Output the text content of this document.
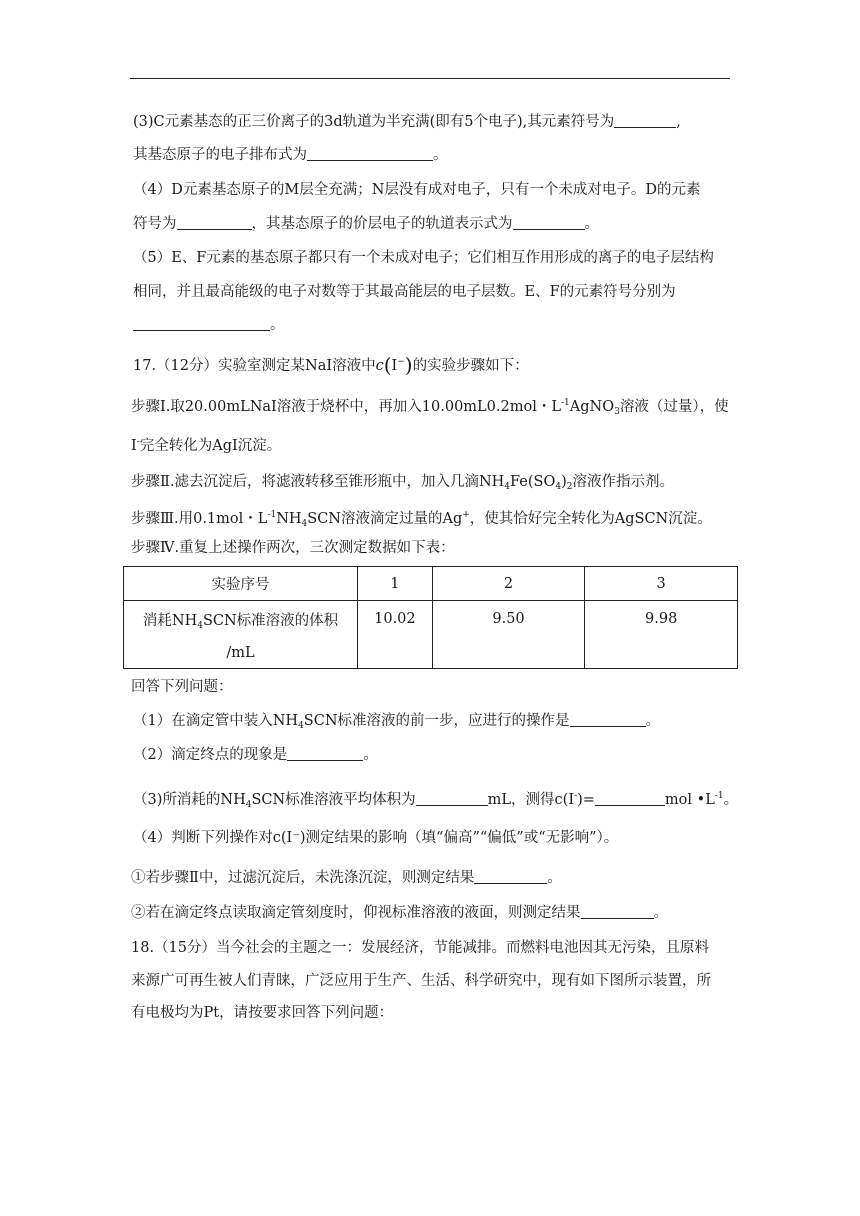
(3)C元素基态的正三价离子的3d轨道为半充满(即有5个电子),其元素符号为	,
其基态原子的电子排布式为	。
（4）D元素基态原子的M层全充满；N层没有成对电子，只有一个未成对电子。D的元素
符号为	，其基态原子的价层电子的轨道表示式为	。
（5）E、F元素的基态原子都只有一个未成对电子；它们相互作用形成的离子的电子层结构
相同，并且最高能级的电子对数等于其最高能层的电子层数。E、F的元素符号分别为
。
17.（12分）实验室测定某NaI溶液中c(I−)的实验步骤如下：
步骤Ⅰ.取20.00mLNaI溶液于烧杯中，再加入10.00mL0.2mol・$L^{-1}AgNO_3$溶液（过量），使
I-完全转化为AgI沉淀。
步骤Ⅱ.滤去沉淀后，将滤液转移至锥形瓶中，加入几滴$NH_4Fe(SO_4)_2$溶液作指示剂。
步骤Ⅲ.用0.1mol・$L^{-1}NH_4SCN$溶液滴定过量的Ag+，使其恰好完全转化为AgSCN沉淀。
步骤Ⅳ.重复上述操作两次，三次测定数据如下表：
实验序号	1	2	3

消耗$NH_4SCN$标准溶液的体积
/mL	10.02	9.50	9.98
回答下列问题：
（1）在滴定管中装入$NH_4SCN$标准溶液的前一步，应进行的操作是	。
（2）滴定终点的现象是	。
（3)所消耗的$NH_4SCN$标准溶液平均体积为	mL，测得c(I-)=	mol $•L^{-1}$。
（4）判断下列操作对c(I⁻)测定结果的影响（填“偏高”“偏低”或“无影响”）。
①若步骤Ⅱ中，过滤沉淀后，未洗涤沉淀，则测定结果	。
②若在滴定终点读取滴定管刻度时，仰视标准溶液的液面，则测定结果	。
18.（15分）当今社会的主题之一：发展经济，节能减排。而燃料电池因其无污染，且原料
来源广可再生被人们青睐，广泛应用于生产、生活、科学研究中，现有如下图所示装置，所
有电极均为Pt，请按要求回答下列问题：
